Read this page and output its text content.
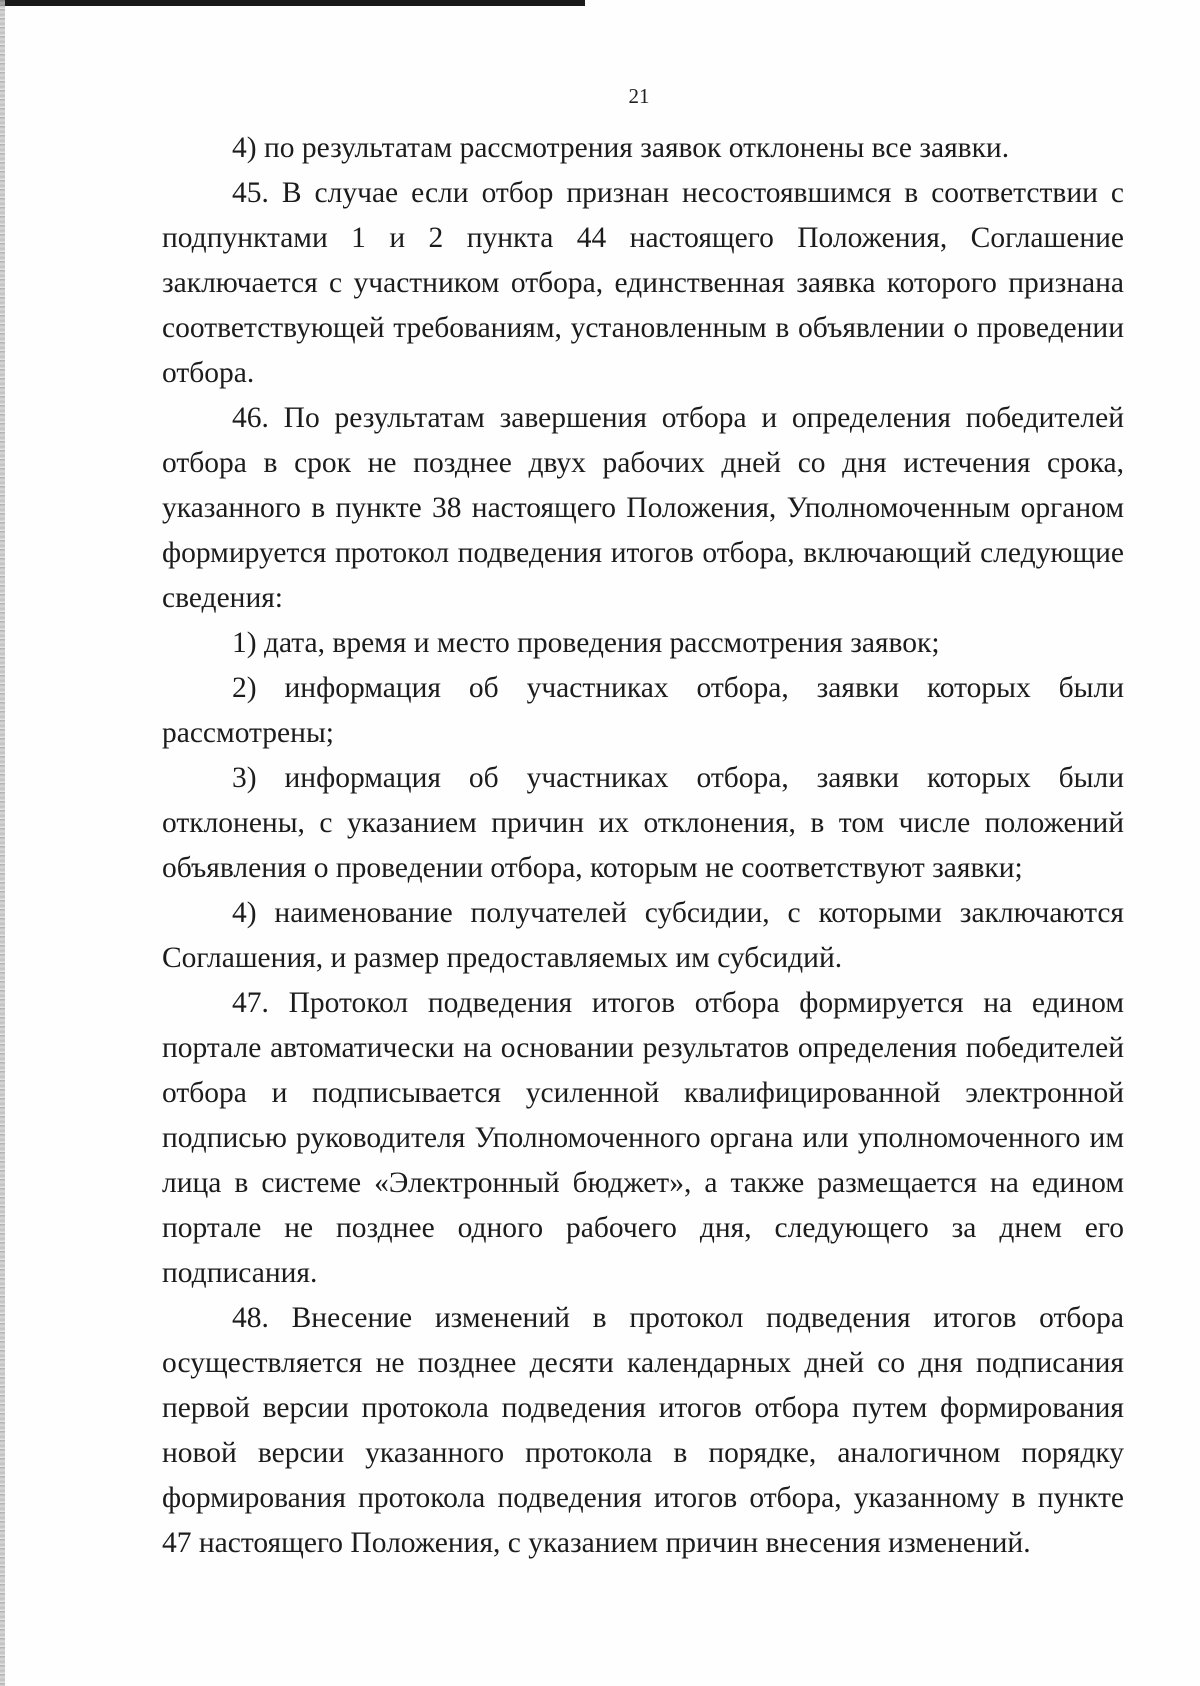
21

4) по результатам рассмотрения заявок отклонены все заявки.

45. В случае если отбор признан несостоявшимся в соответствии с подпунктами 1 и 2 пункта 44 настоящего Положения, Соглашение заключается с участником отбора, единственная заявка которого признана соответствующей требованиям, установленным в объявлении о проведении отбора.

46. По результатам завершения отбора и определения победителей отбора в срок не позднее двух рабочих дней со дня истечения срока, указанного в пункте 38 настоящего Положения, Уполномоченным органом формируется протокол подведения итогов отбора, включающий следующие сведения:

1) дата, время и место проведения рассмотрения заявок;

2) информация об участниках отбора, заявки которых были рассмотрены;

3) информация об участниках отбора, заявки которых были отклонены, с указанием причин их отклонения, в том числе положений объявления о проведении отбора, которым не соответствуют заявки;

4) наименование получателей субсидии, с которыми заключаются Соглашения, и размер предоставляемых им субсидий.

47. Протокол подведения итогов отбора формируется на едином портале автоматически на основании результатов определения победителей отбора и подписывается усиленной квалифицированной электронной подписью руководителя Уполномоченного органа или уполномоченного им лица в системе «Электронный бюджет», а также размещается на едином портале не позднее одного рабочего дня, следующего за днем его подписания.

48. Внесение изменений в протокол подведения итогов отбора осуществляется не позднее десяти календарных дней со дня подписания первой версии протокола подведения итогов отбора путем формирования новой версии указанного протокола в порядке, аналогичном порядку формирования протокола подведения итогов отбора, указанному в пункте 47 настоящего Положения, с указанием причин внесения изменений.
